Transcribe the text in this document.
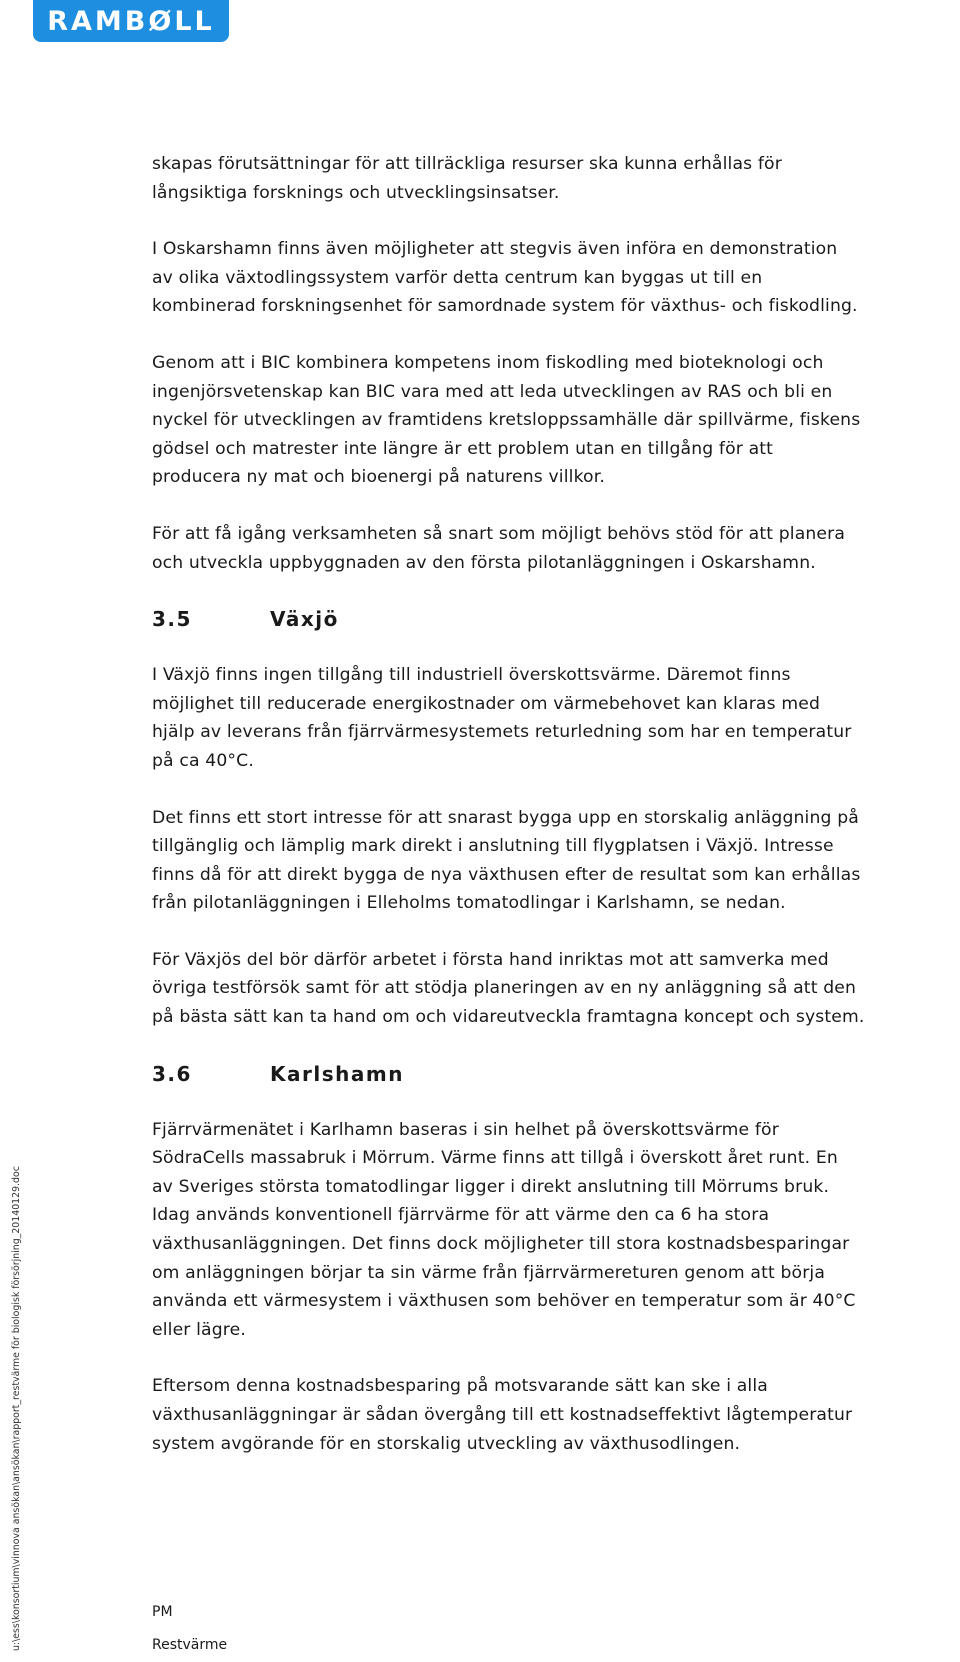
RAMBØLL

skapas förutsättningar för att tillräckliga resurser ska kunna erhållas för
långsiktiga forsknings och utvecklingsinsatser.

I Oskarshamn finns även möjligheter att stegvis även införa en demonstration
av olika växtodlingssystem varför detta centrum kan byggas ut till en
kombinerad forskningsenhet för samordnade system för växthus- och fiskodling.

Genom att i BIC kombinera kompetens inom fiskodling med bioteknologi och
ingenjörsvetenskap kan BIC vara med att leda utvecklingen av RAS och bli en
nyckel för utvecklingen av framtidens kretsloppssamhälle där spillvärme, fiskens
gödsel och matrester inte längre är ett problem utan en tillgång för att
producera ny mat och bioenergi på naturens villkor.

För att få igång verksamheten så snart som möjligt behövs stöd för att planera
och utveckla uppbyggnaden av den första pilotanläggningen i Oskarshamn.

3.5	Växjö

I Växjö finns ingen tillgång till industriell överskottsvärme. Däremot finns
möjlighet till reducerade energikostnader om värmebehovet kan klaras med
hjälp av leverans från fjärrvärmesystemets returledning som har en temperatur
på ca 40°C.

Det finns ett stort intresse för att snarast bygga upp en storskalig anläggning på
tillgänglig och lämplig mark direkt i anslutning till flygplatsen i Växjö. Intresse
finns då för att direkt bygga de nya växthusen efter de resultat som kan erhållas
från pilotanläggningen i Elleholms tomatodlingar i Karlshamn, se nedan.

För Växjös del bör därför arbetet i första hand inriktas mot att samverka med
övriga testförsök samt för att stödja planeringen av en ny anläggning så att den
på bästa sätt kan ta hand om och vidareutveckla framtagna koncept och system.

3.6	Karlshamn

Fjärrvärmenätet i Karlhamn baseras i sin helhet på överskottsvärme för
SödraCells massabruk i Mörrum. Värme finns att tillgå i överskott året runt. En
av Sveriges största tomatodlingar ligger i direkt anslutning till Mörrums bruk.
Idag används konventionell fjärrvärme för att värme den ca 6 ha stora
växthusanläggningen. Det finns dock möjligheter till stora kostnadsbesparingar
om anläggningen börjar ta sin värme från fjärrvärmereturen genom att börja
använda ett värmesystem i växthusen som behöver en temperatur som är 40°C
eller lägre.

Eftersom denna kostnadsbesparing på motsvarande sätt kan ske i alla
växthusanläggningar är sådan övergång till ett kostnadseffektivt lågtemperatur
system avgörande för en storskalig utveckling av växthusodlingen.

u:\ess\konsortium\vinnova ansökan\ansökan\rapport_restvärme för biologisk försörjning_20140129.doc	PM
Restvärme
